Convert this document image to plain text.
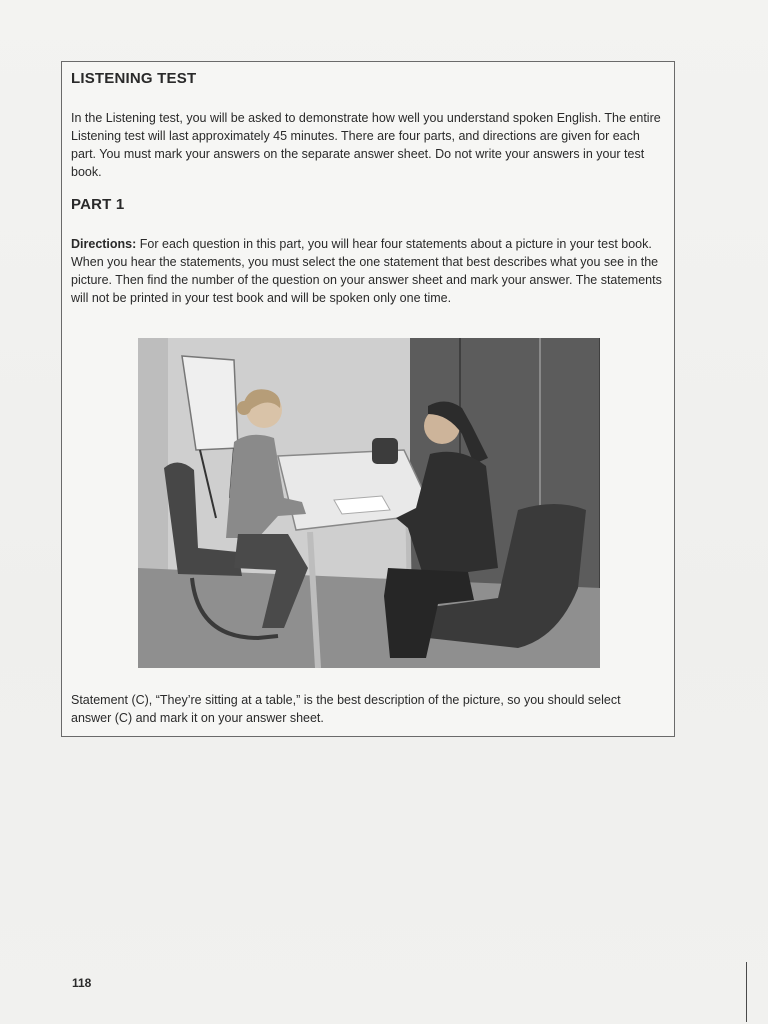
LISTENING TEST

In the Listening test, you will be asked to demonstrate how well you understand spoken English. The entire Listening test will last approximately 45 minutes. There are four parts, and directions are given for each part. You must mark your answers on the separate answer sheet. Do not write your answers in your test book.

PART 1

Directions: For each question in this part, you will hear four statements about a picture in your test book. When you hear the statements, you must select the one statement that best describes what you see in the picture. Then find the number of the question on your answer sheet and mark your answer. The statements will not be printed in your test book and will be spoken only one time.

Statement (C), “They’re sitting at a table,” is the best description of the picture, so you should select answer (C) and mark it on your answer sheet.

118
